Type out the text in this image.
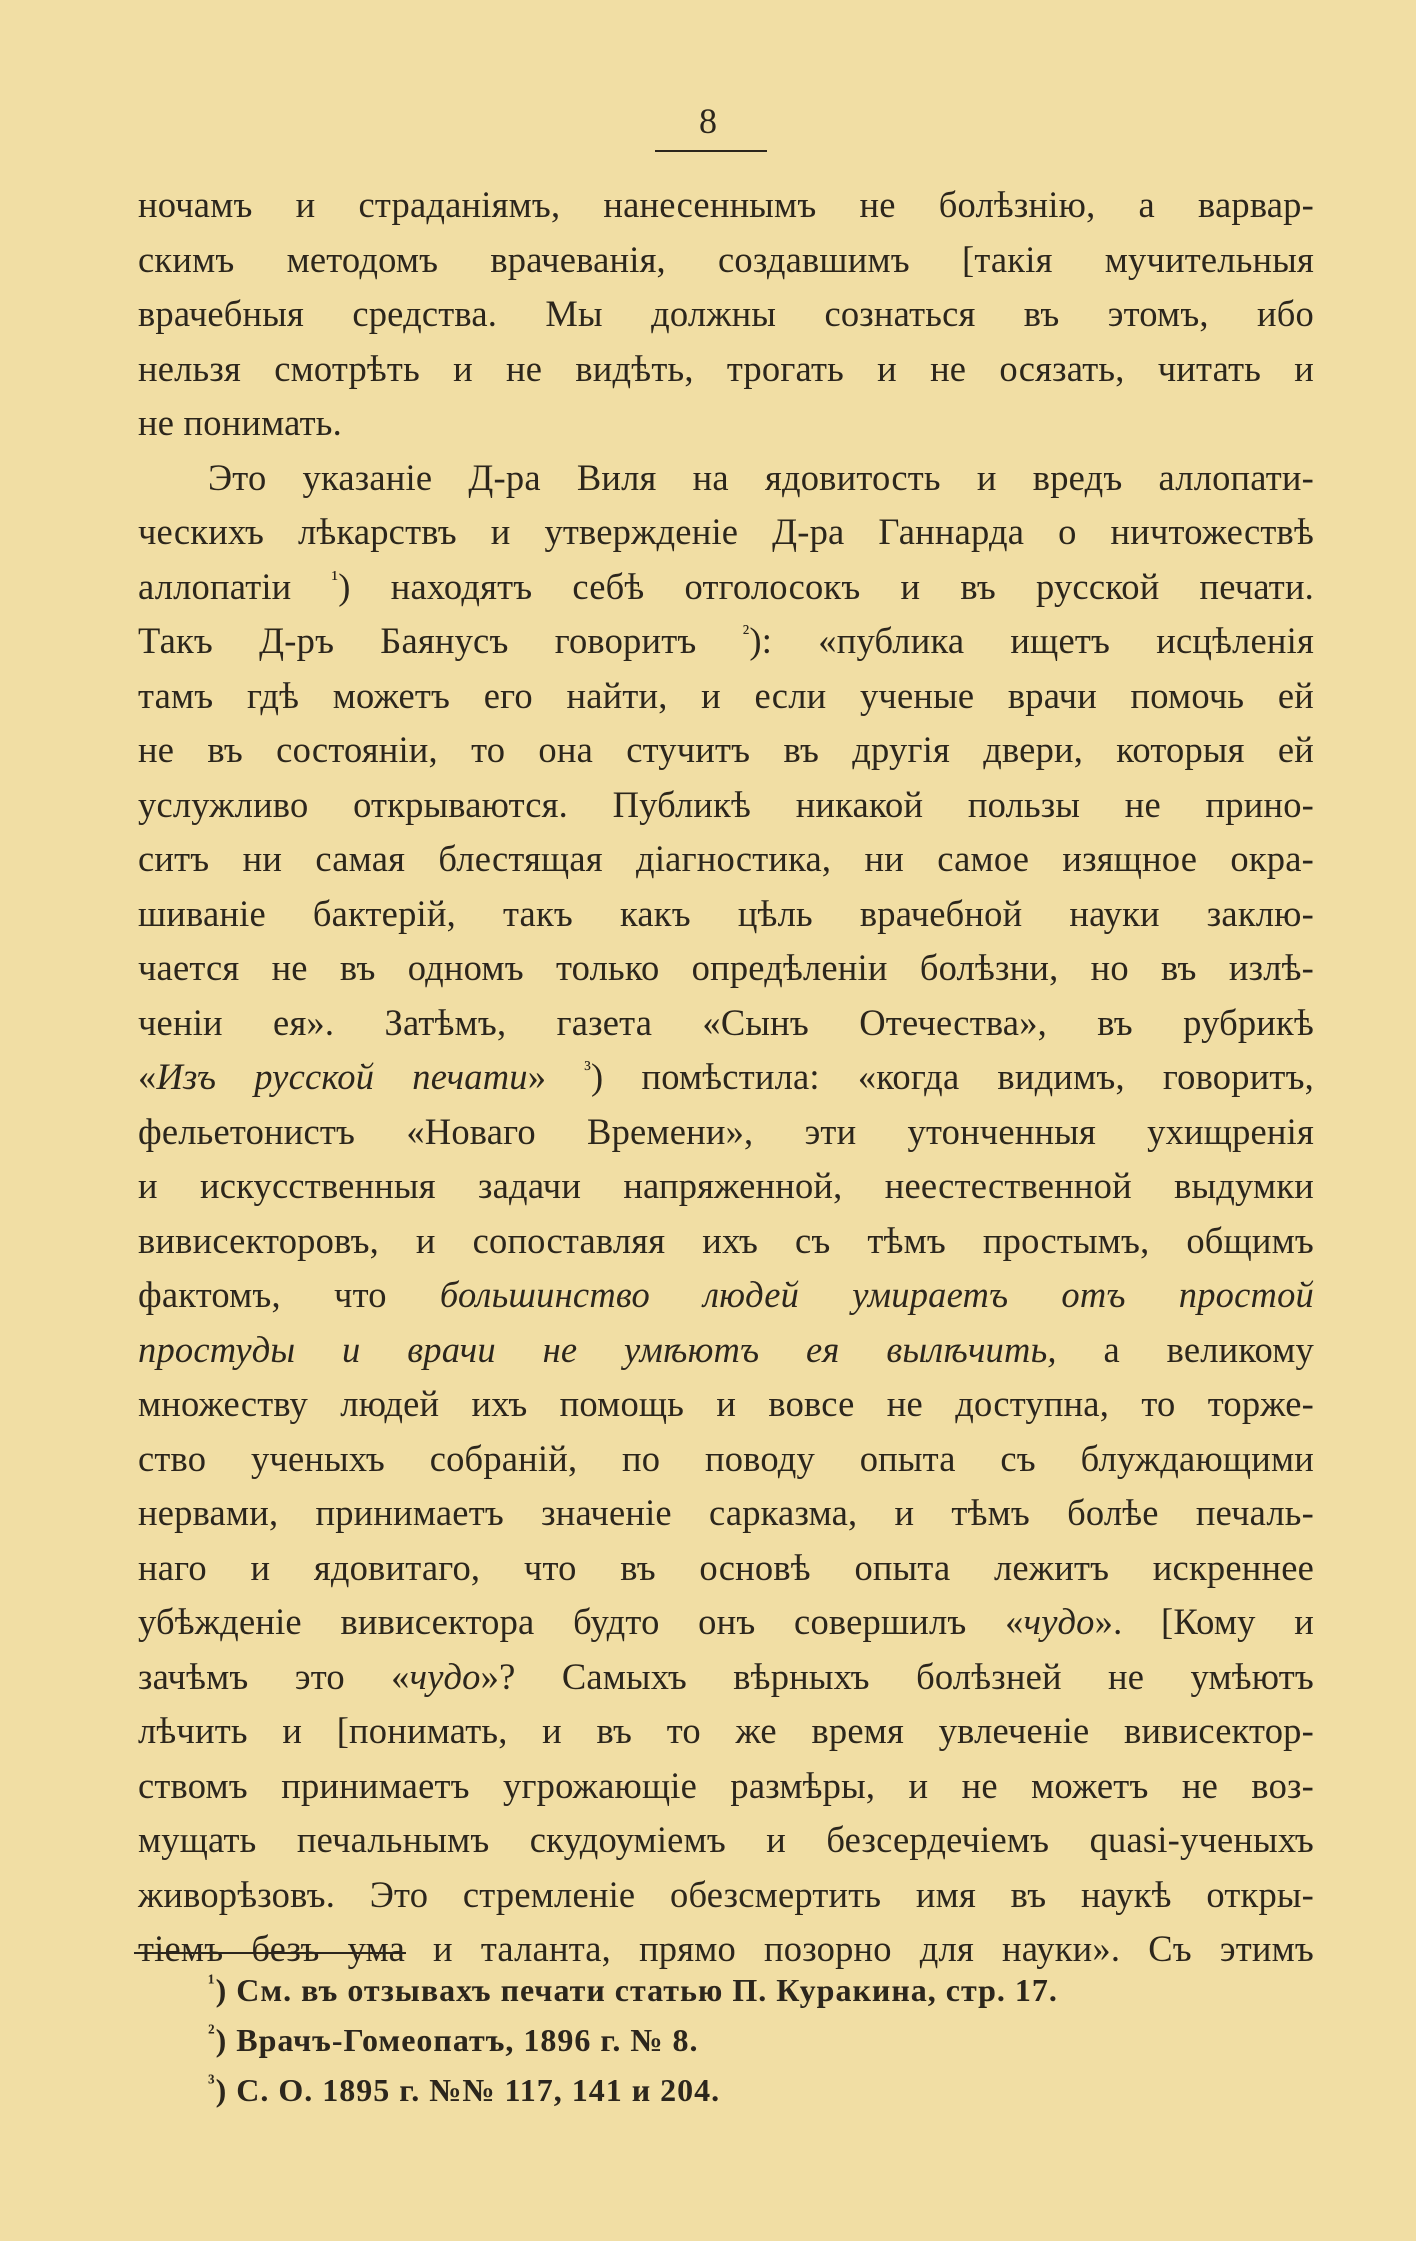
8
ночамъ и страданіямъ, нанесеннымъ не болѣзнію, а варвар-
скимъ методомъ врачеванія, создавшимъ [такія мучительныя
врачебныя средства. Мы должны сознаться въ этомъ, ибо
нельзя смотрѣть и не видѣть, трогать и не осязать, читать и
не понимать.
Это указаніе Д-ра Виля на ядовитость и вредъ аллопати-
ческихъ лѣкарствъ и утвержденіе Д-ра Ганнарда о ничтожествѣ
аллопатіи $^{^1}$) находятъ себѣ отголосокъ и въ русской печати.
Такъ Д-ръ Баянусъ говоритъ $^{^2}$): «публика ищетъ исцѣленія
тамъ гдѣ можетъ его найти, и если ученые врачи помочь ей
не въ состояніи, то она стучитъ въ другія двери, которыя ей
услужливо открываются. Публикѣ никакой пользы не прино-
ситъ ни самая блестящая діагностика, ни самое изящное окра-
шиваніе бактерій, такъ какъ цѣль врачебной науки заклю-
чается не въ одномъ только опредѣленіи болѣзни, но въ излѣ-
ченіи ея». Затѣмъ, газета «Сынъ Отечества», въ рубрикѣ
«Изъ русской печати» $^{^3}$) помѣстила: «когда видимъ, говоритъ,
фельетонистъ «Новаго Времени», эти утонченныя ухищренія
и искусственныя задачи напряженной, неестественной выдумки
вивисекторовъ, и сопоставляя ихъ съ тѣмъ простымъ, общимъ
фактомъ, что большинство людей умираетъ отъ простой
простуды и врачи не умѣютъ ея вылѣчить, а великому
множеству людей ихъ помощь и вовсе не доступна, то торже-
ство ученыхъ собраній, по поводу опыта съ блуждающими
нервами, принимаетъ значеніе сарказма, и тѣмъ болѣе печаль-
наго и ядовитаго, что въ основѣ опыта лежитъ искреннее
убѣжденіе вивисектора будто онъ совершилъ «чудо». [Кому и
зачѣмъ это «чудо»? Самыхъ вѣрныхъ болѣзней не умѣютъ
лѣчить и [понимать, и въ то же время увлеченіе вивисектор-
ствомъ принимаетъ угрожающіе размѣры, и не можетъ не воз-
мущать печальнымъ скудоуміемъ и безсердечіемъ quasi-ученыхъ
живорѣзовъ. Это стремленіе обезсмертить имя въ наукѣ откры-
тіемъ безъ ума и таланта, прямо позорно для науки». Съ этимъ
$^{^1}$) См. въ отзывахъ печати статью П. Куракина, стр. 17.
$^{^2}$) Врачъ-Гомеопатъ, 1896 г. № 8.
$^{^3}$) С. О. 1895 г. №№ 117, 141 и 204.
